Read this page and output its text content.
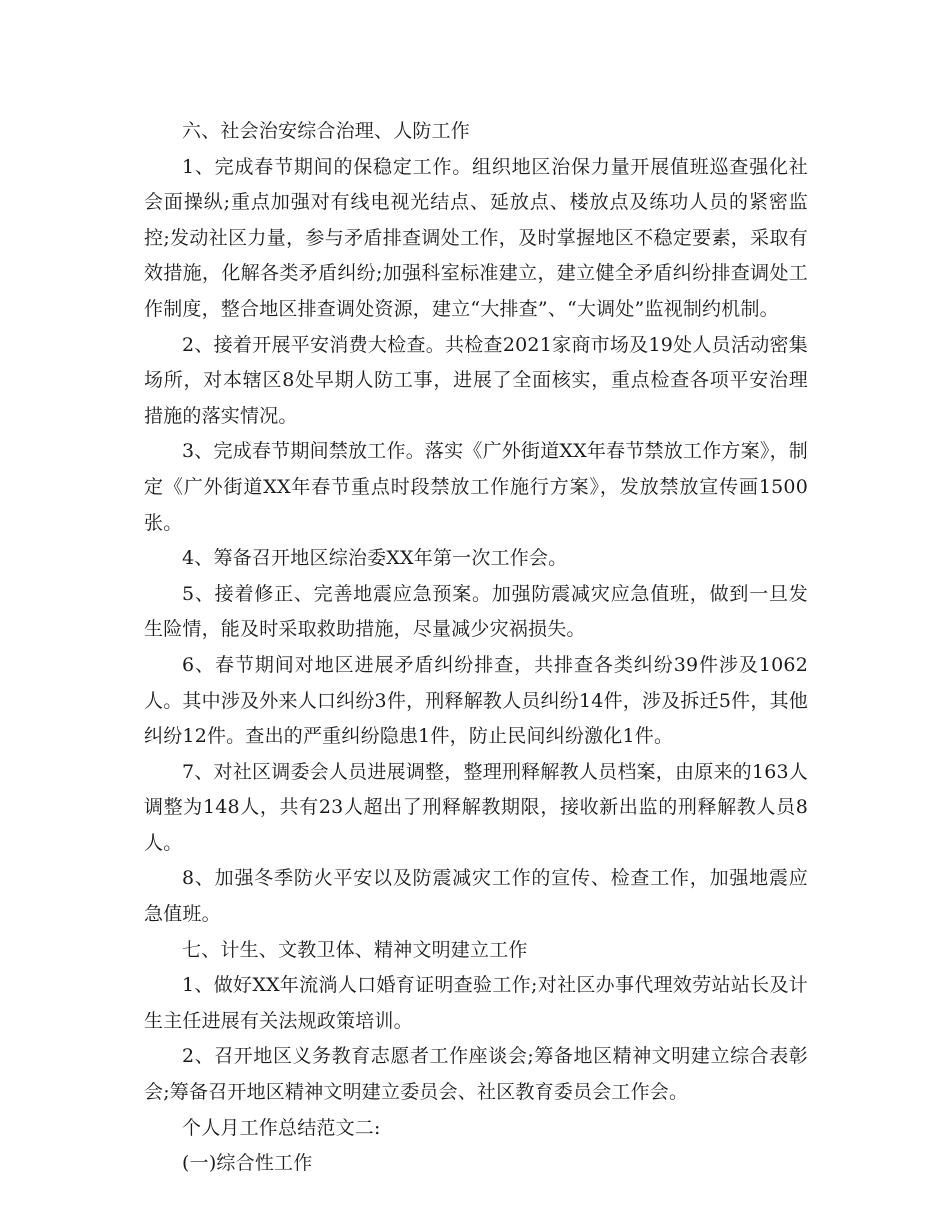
六、社会治安综合治理、人防工作

1、完成春节期间的保稳定工作。组织地区治保力量开展值班巡查强化社会面操纵;重点加强对有线电视光结点、延放点、楼放点及练功人员的紧密监控;发动社区力量，参与矛盾排查调处工作，及时掌握地区不稳定要素，采取有效措施，化解各类矛盾纠纷;加强科室标准建立，建立健全矛盾纠纷排查调处工作制度，整合地区排查调处资源，建立“大排查”、“大调处”监视制约机制。

2、接着开展平安消费大检查。共检查2021家商市场及19处人员活动密集场所，对本辖区8处早期人防工事，进展了全面核实，重点检查各项平安治理措施的落实情况。

3、完成春节期间禁放工作。落实《广外街道XX年春节禁放工作方案》，制定《广外街道XX年春节重点时段禁放工作施行方案》，发放禁放宣传画1500张。

4、筹备召开地区综治委XX年第一次工作会。

5、接着修正、完善地震应急预案。加强防震减灾应急值班，做到一旦发生险情，能及时采取救助措施，尽量减少灾祸损失。

6、春节期间对地区进展矛盾纠纷排查，共排查各类纠纷39件涉及1062人。其中涉及外来人口纠纷3件，刑释解教人员纠纷14件，涉及拆迁5件，其他纠纷12件。查出的严重纠纷隐患1件，防止民间纠纷激化1件。

7、对社区调委会人员进展调整，整理刑释解教人员档案，由原来的163人调整为148人，共有23人超出了刑释解教期限，接收新出监的刑释解教人员8人。

8、加强冬季防火平安以及防震减灾工作的宣传、检查工作，加强地震应急值班。

七、计生、文教卫体、精神文明建立工作

1、做好XX年流淌人口婚育证明查验工作;对社区办事代理效劳站站长及计生主任进展有关法规政策培训。

2、召开地区义务教育志愿者工作座谈会;筹备地区精神文明建立综合表彰会;筹备召开地区精神文明建立委员会、社区教育委员会工作会。

个人月工作总结范文二:

(一)综合性工作
